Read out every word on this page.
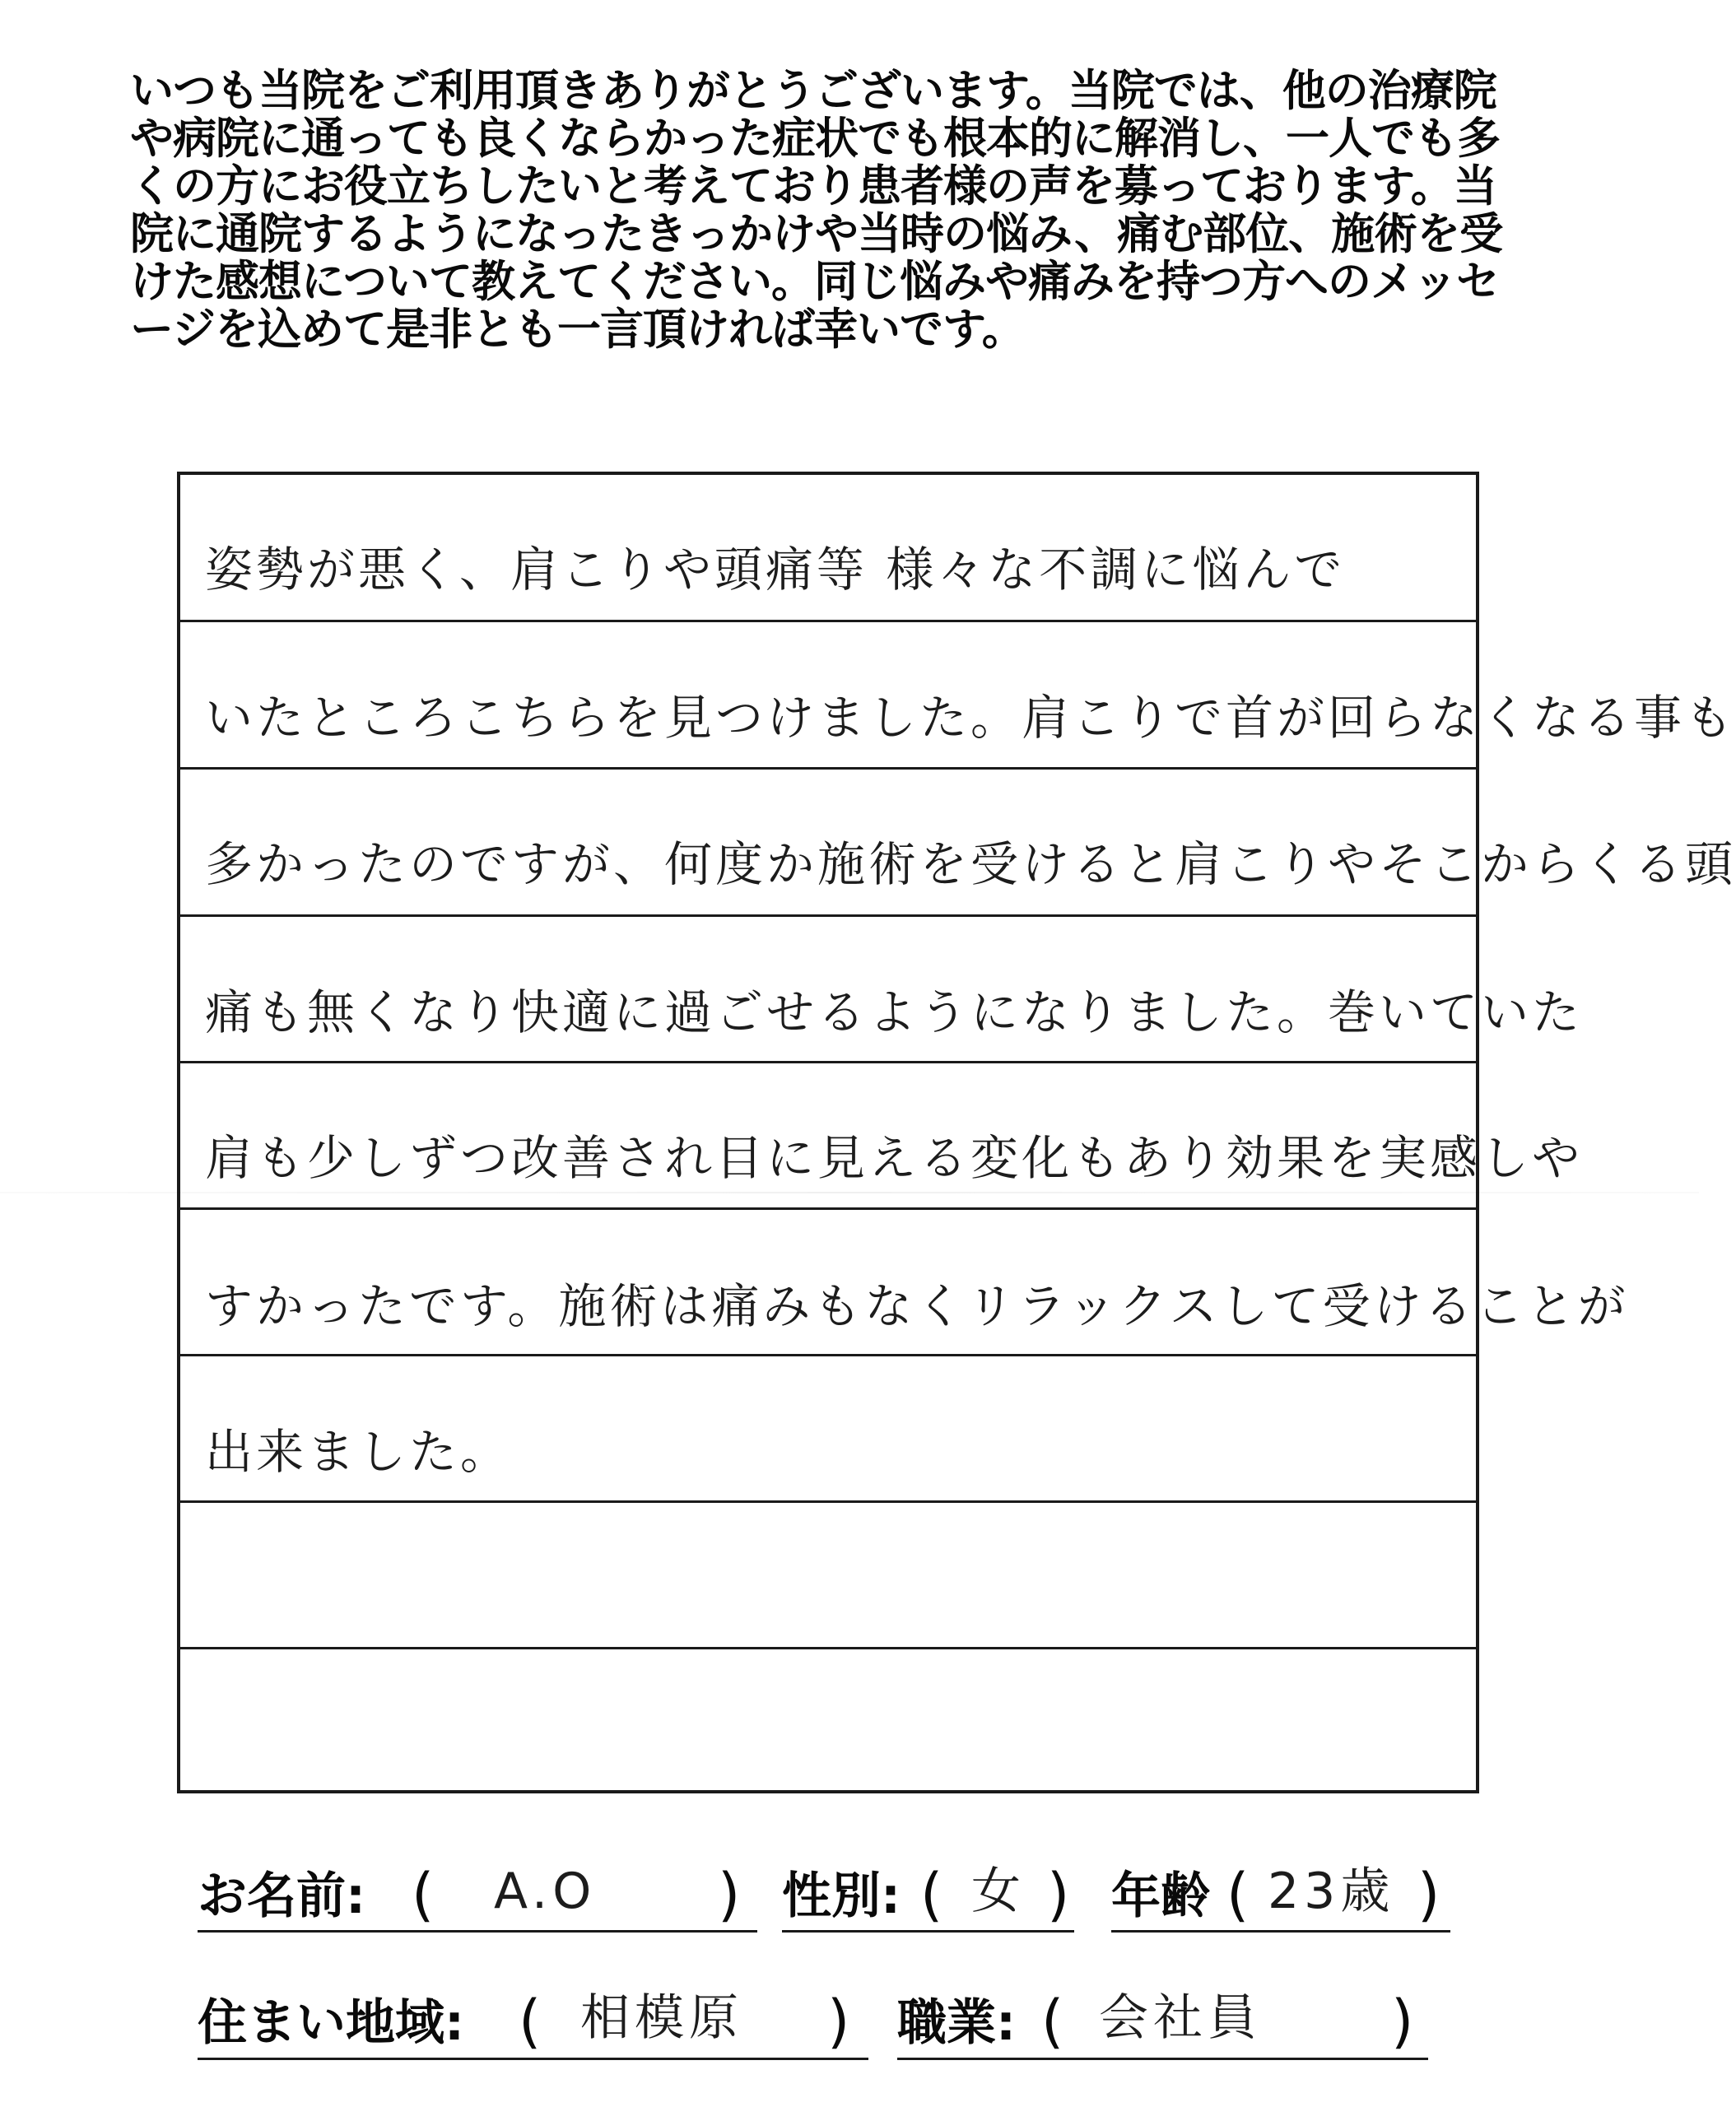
いつも当院をご利用頂きありがとうございます。当院では、他の治療院や病院に通っても良くならかった症状でも根本的に解消し、一人でも多くの方にお役立ちしたいと考えており患者様の声を募っております。当院に通院するようになったきっかけや当時の悩み、痛む部位、施術を受けた感想について教えてください。同じ悩みや痛みを持つ方へのメッセージを込めて是非とも一言頂ければ幸いです。

姿勢が悪く、肩こりや頭痛等 様々な不調に悩んで
いたところこちらを見つけました。肩こりで首が回らなくなる事も
多かったのですが、何度か施術を受けると肩こりやそこからくる頭
痛も無くなり快適に過ごせるようになりました。巻いていた
肩も少しずつ改善され目に見える変化もあり効果を実感しや
すかったです。施術は痛みもなくリラックスして受けることが
出来ました。
お名前: ( A.O ) 性別: ( 女 ) 年齢 ( 23歳 )
住まい地域: ( 相模原 ) 職業: ( 会社員 )
